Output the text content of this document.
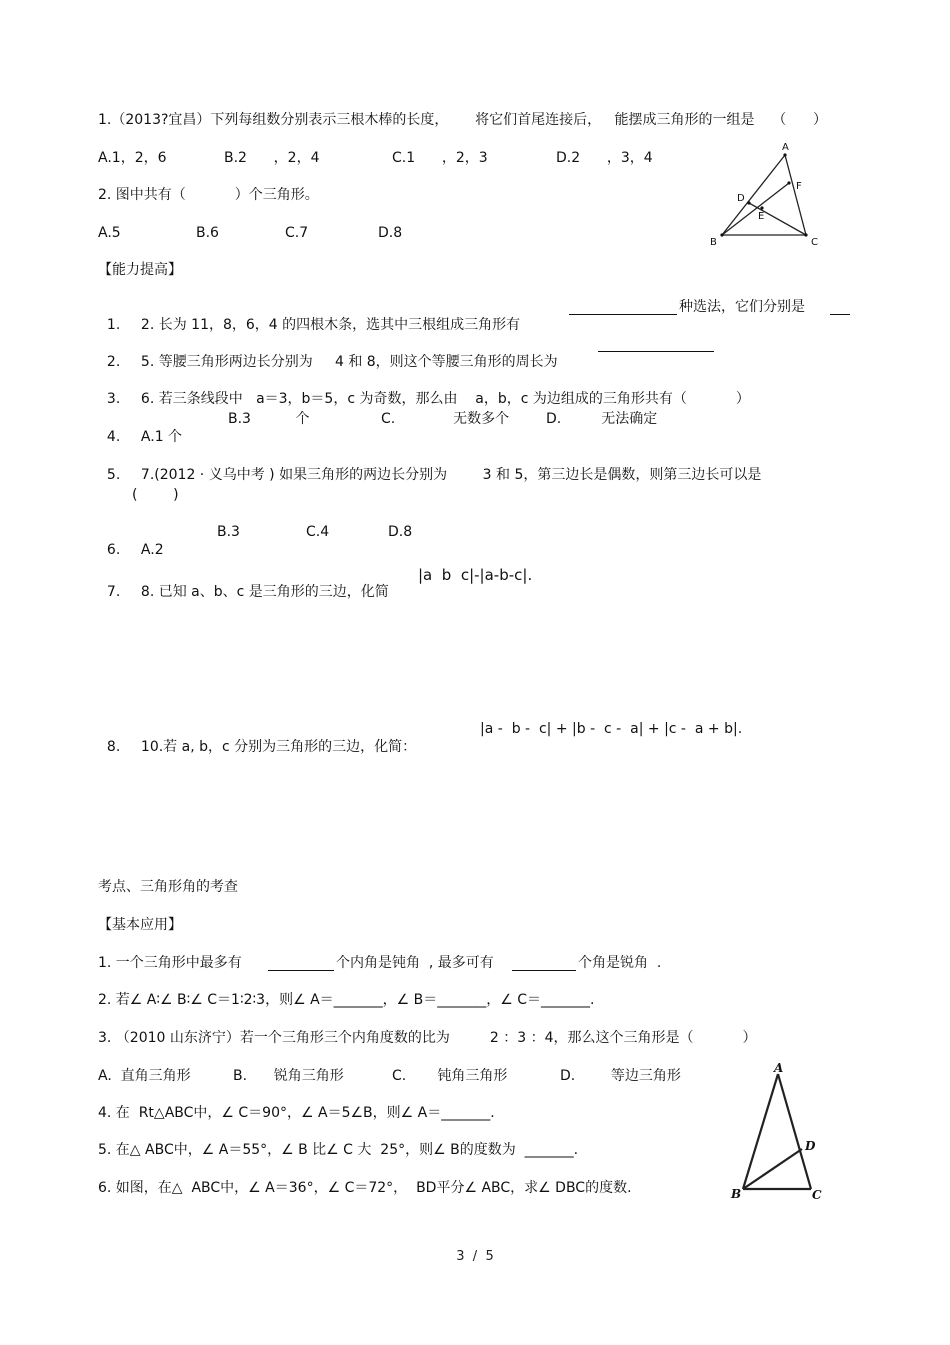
1.（2013?宜昌）下列每组数分别表示三根木棒的长度，      将它们首尾连接后，   能摆成三角形的一组是    （      ）
A.1，2，6	B.2      ，2，4	C.1      ，2，3	D.2      ，3，4
2. 图中共有（           ）个三角形。
A.5	B.6	C.7	D.8
A
F
D
E
B	C
【能力提高】

1. 2. 长为 11，8，6，4 的四根木条，选其中三根组成三角形有

种选法，它们分别是

2. 5. 等腰三角形两边长分别为     4 和 8，则这个等腰三角形的周长为

3. 6. 若三条线段中   a＝3，b＝5，c 为奇数，那么由    a，b，c 为边组成的三角形共有（           ）

4. A.1 个

B.3          个	C.             无数多个	D.         无法确定

5. 7.(2012 · 义乌中考 ) 如果三角形的两边长分别为        3 和 5，第三边长是偶数，则第三边长可以是

(        )

6. A.2

B.3	C.4	D.8

7. 8. 已知 a、b、c 是三角形的三边，化简

|a  b  c|-|a-b-c|.

8. 10.若 a, b，c 分别为三角形的三边，化简：

|a -  b -  c| + |b -  c -  a| + |c -  a + b|.
考点、三角形角的考查
【基本应用】
1. 一个三角形中最多有	个内角是钝角  , 最多可有	个角是锐角  .
2. 若∠ A∶∠ B∶∠ C＝1∶2∶3，则∠ A＝_______，∠ B＝_______，∠ C＝_______.
3. （2010 山东济宁）若一个三角形三个内角度数的比为         2 ：3 ：4，那么这个三角形是（           ）
A.  直角三角形	B.      锐角三角形	C.       钝角三角形	D.        等边三角形
4. 在  Rt△ABC中，∠ C＝90°，∠ A＝5∠B，则∠ A＝_______.
5. 在△ ABC中，∠ A＝55°，∠ B 比∠ C 大  25°，则∠ B的度数为  _______.
6. 如图，在△  ABC中，∠ A＝36°，∠ C＝72°，  BD平分∠ ABC，求∠ DBC的度数.
A
D
B	C
3  /  5
